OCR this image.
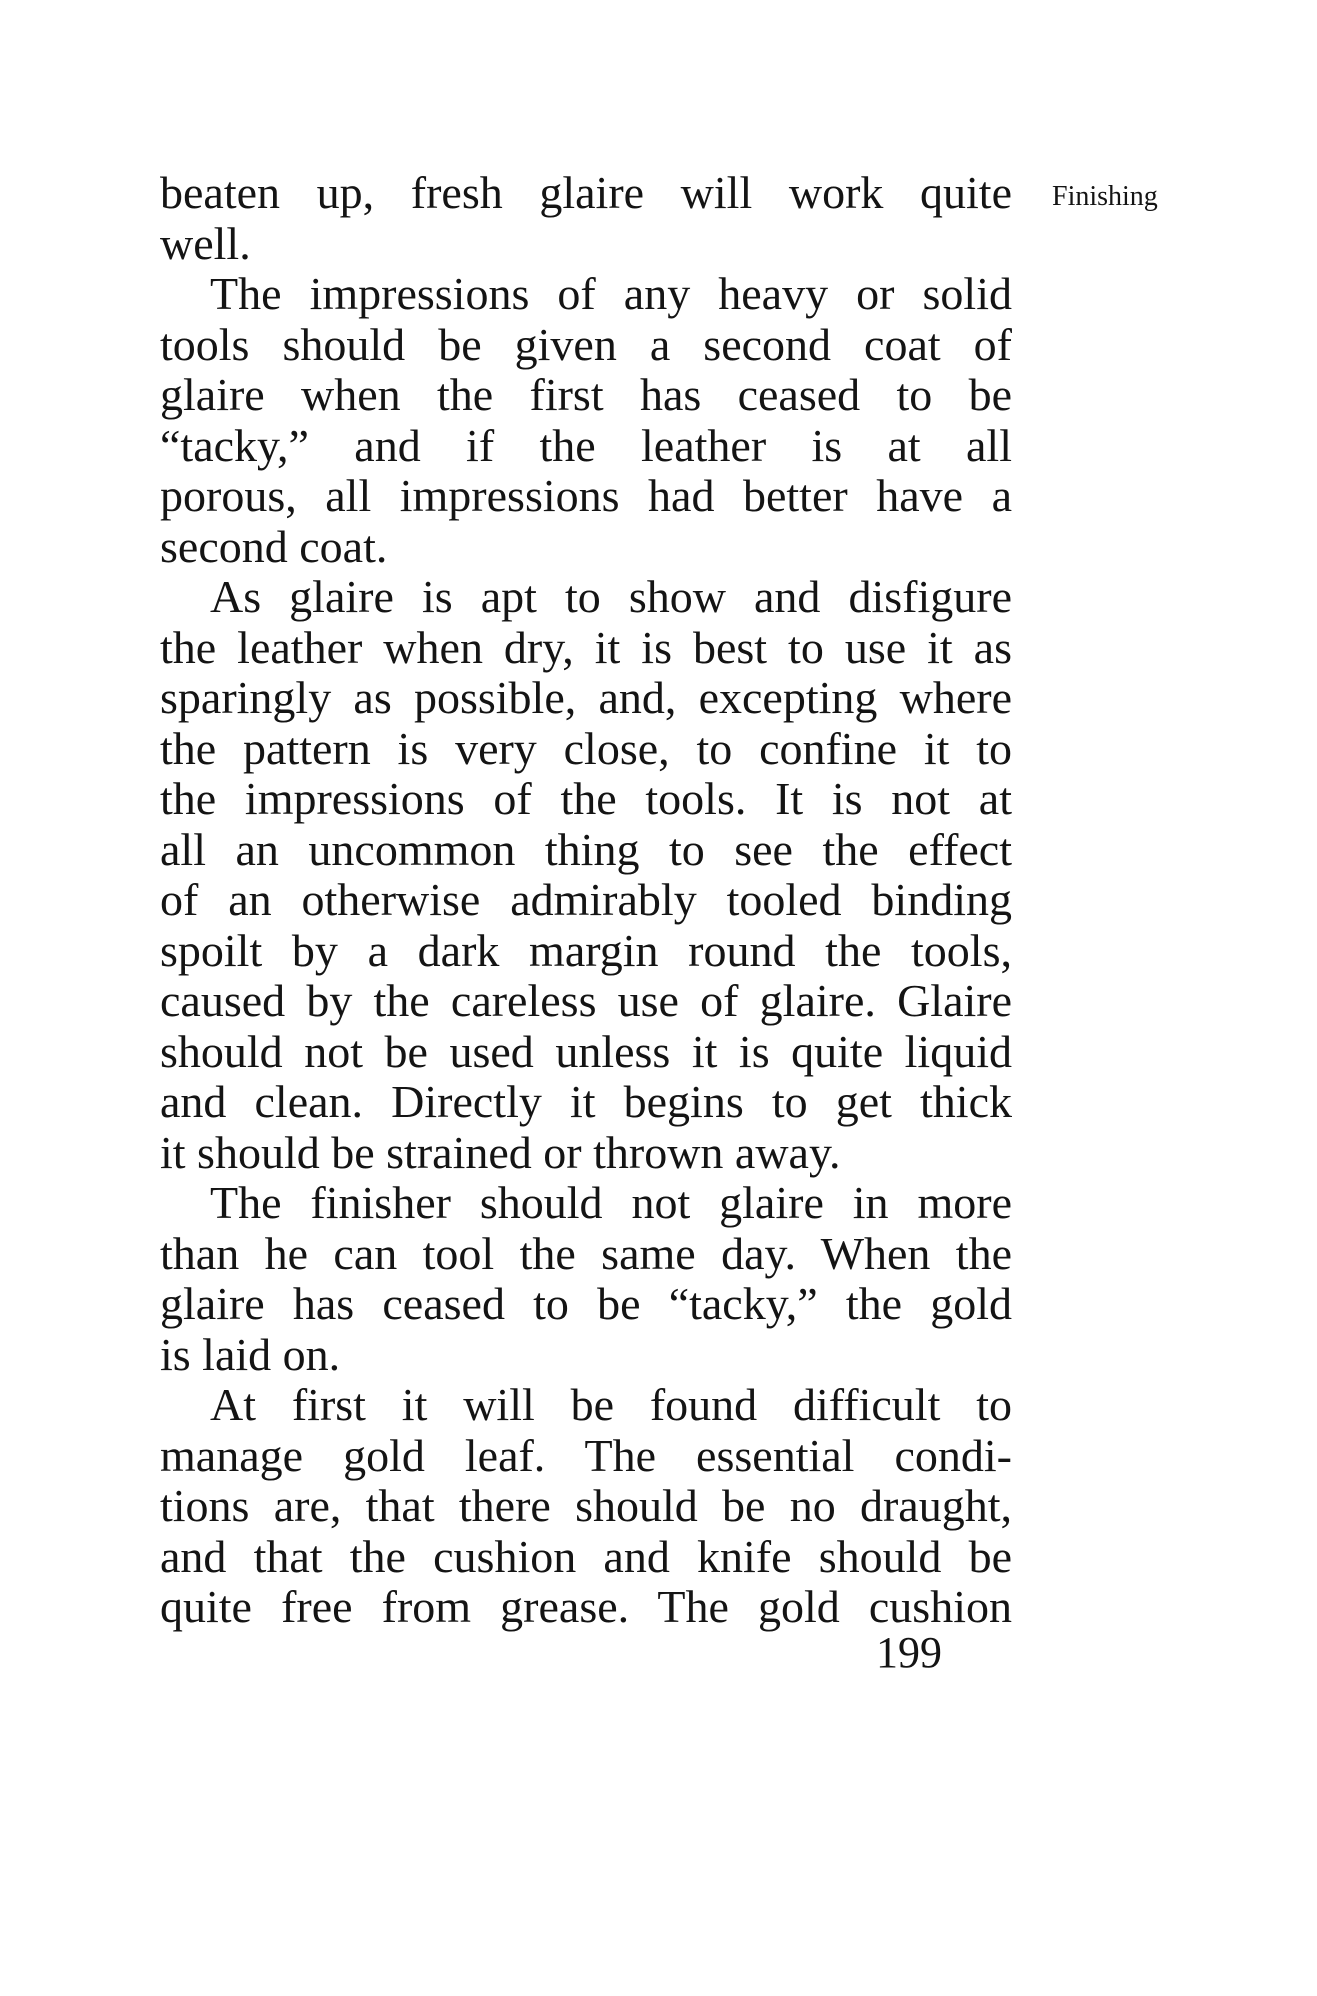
Finishing
beaten up, fresh glaire will work quite
well.
The impressions of any heavy or solid
tools should be given a second coat of
glaire when the first has ceased to be
“tacky,” and if the leather is at all
porous, all impressions had better have a
second coat.
As glaire is apt to show and disfigure
the leather when dry, it is best to use it as
sparingly as possible, and, excepting where
the pattern is very close, to confine it to
the impressions of the tools. It is not at
all an uncommon thing to see the effect
of an otherwise admirably tooled binding
spoilt by a dark margin round the tools,
caused by the careless use of glaire. Glaire
should not be used unless it is quite liquid
and clean. Directly it begins to get thick
it should be strained or thrown away.
The finisher should not glaire in more
than he can tool the same day. When the
glaire has ceased to be “tacky,” the gold
is laid on.
At first it will be found difficult to
manage gold leaf. The essential condi-
tions are, that there should be no draught,
and that the cushion and knife should be
quite free from grease. The gold cushion
199
